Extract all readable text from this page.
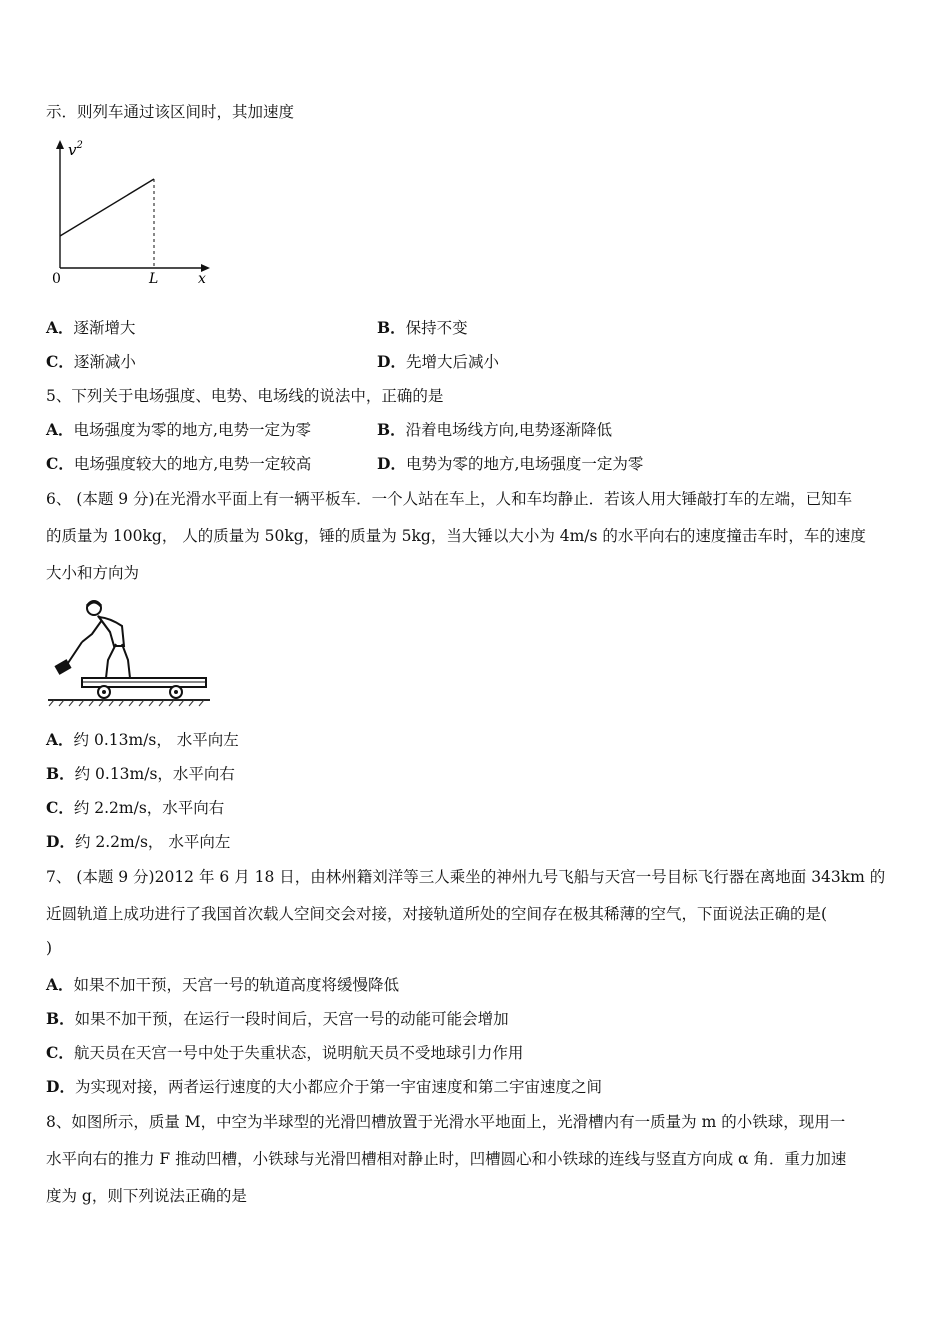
示．则列车通过该区间时，其加速度
$v^2$
0	L	x
A．逐渐增大	B．保持不变
C．逐渐减小	D．先增大后减小
5、下列关于电场强度、电势、电场线的说法中，正确的是
A．电场强度为零的地方,电势一定为零	B．沿着电场线方向,电势逐渐降低
C．电场强度较大的地方,电势一定较高	D．电势为零的地方,电场强度一定为零
6、 (本题 9 分)在光滑水平面上有一辆平板车．一个人站在车上，人和车均静止．若该人用大锤敲打车的左端，已知车
的质量为 100kg， 人的质量为 50kg，锤的质量为 5kg，当大锤以大小为 4m/s 的水平向右的速度撞击车时，车的速度
大小和方向为
A．约 0.13m/s， 水平向左
B．约 0.13m/s，水平向右
C．约 2.2m/s，水平向右
D．约 2.2m/s， 水平向左
7、 (本题 9 分)2012 年 6 月 18 日，由林州籍刘洋等三人乘坐的神州九号飞船与天宫一号目标飞行器在离地面 343km 的
近圆轨道上成功进行了我国首次载人空间交会对接，对接轨道所处的空间存在极其稀薄的空气，下面说法正确的是(
)
A．如果不加干预，天宫一号的轨道高度将缓慢降低
B．如果不加干预，在运行一段时间后，天宫一号的动能可能会增加
C．航天员在天宫一号中处于失重状态，说明航天员不受地球引力作用
D．为实现对接，两者运行速度的大小都应介于第一宇宙速度和第二宇宙速度之间
8、如图所示，质量 M，中空为半球型的光滑凹槽放置于光滑水平地面上，光滑槽内有一质量为 m 的小铁球，现用一
水平向右的推力 F 推动凹槽，小铁球与光滑凹槽相对静止时，凹槽圆心和小铁球的连线与竖直方向成 α 角．重力加速
度为 g，则下列说法正确的是
